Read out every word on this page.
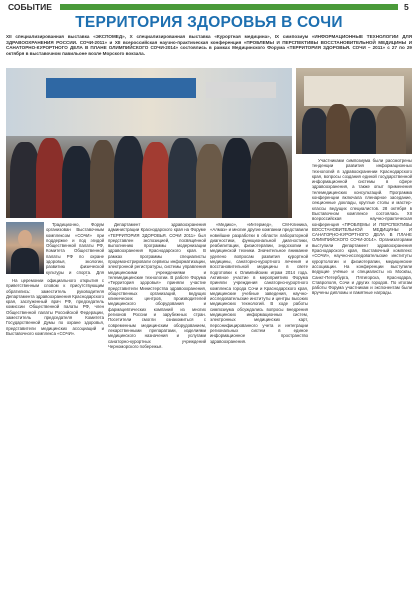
СОБЫТИЕ	5
ТЕРРИТОРИЯ ЗДОРОВЬЯ В СОЧИ
XII специализированная выставка «ЭКСПОМЕД», X специализированная выставка «Курортная медицина», IX симпозиум «ИНФОРМАЦИОННЫЕ ТЕХНОЛОГИИ ДЛЯ ЗДРАВООХРАНЕНИЯ РОССИИ. СОЧИ-2011» и XII всероссийская научно-практическая конференция «ПРОБЛЕМЫ И ПЕРСПЕКТИВЫ ВОССТАНОВИТЕЛЬНОЙ МЕДИЦИНЫ И САНАТОРНО-КУРОРТНОГО ДЕЛА В ПЛАНЕ ОЛИМПИЙСКОГО СОЧИ-2014» состоялись в рамках Медицинского Форума «ТЕРРИТОРИЯ ЗДОРОВЬЯ. СОЧИ – 2011» с 27 по 29 октября в выставочном павильоне возле Морского вокзала.

Традиционно, Форум организован Выставочным комплексом «СОЧИ» при поддержке и под эгидой Общественной палаты РФ, Комитета Общественной палаты РФ по охране здоровья, экологии, развитию физической культуры и спорта. Для

На церемонии официального открытия с приветственным словом к присутствующим обратились: заместитель руководителя Департамента здравоохранения Краснодарского края, заслуженный врач РФ, председатель комиссии Общественной палаты РФ, член Общественной палаты Российской Федерации, заместитель председателя Комитета Государственной Думы по охране здоровья, представители медицинских ассоциаций и Выставочного комплекса «СОЧИ».

Департамент здравоохранения администрации Краснодарского края на Форуме «ТЕРРИТОРИЯ ЗДОРОВЬЯ. СОЧИ 2011» был представлен экспозицией, посвящённой выполнению программы модернизации здравоохранения Краснодарского края. В рамках программы специалисты продемонстрировали сервисы информатизации, электронной регистратуры, системы управления медицинскими учреждениями и телемедицинские технологии. В работе Форума «Территория здоровья» приняли участие представители Министерства здравоохранения, общественных организаций, ведущих клинических центров, производителей медицинского оборудования и фармацевтических компаний из многих регионов России и зарубежных стран. Посетители смогли ознакомиться с современным медицинским оборудованием, лекарственными препаратами, изделиями медицинского назначения и услугами санаторно-курортных учреждений Черноморского побережья.

«Медико», «Интермед», СМ-Клиника, «Алмаз» и многие другие компании представили новейшие разработки в области лабораторной диагностики, функциональной диагностики, реабилитации, физиотерапии, эндоскопии и медицинской техники. Значительное внимание уделено вопросам развития курортной медицины, санаторно-курортного лечения и восстановительной медицины в свете подготовки к Олимпийским играм 2014 года. Активное участие в мероприятиях Форума приняли учреждения санаторно-курортного комплекса города Сочи и Краснодарского края, медицинские учебные заведения, научно-исследовательские институты и центры высоких медицинских технологий. В ходе работы симпозиума обсуждались вопросы внедрения медицинских информационных систем, электронных медицинских карт, персонифицированного учета и интеграции региональных систем в единое информационное пространство здравоохранения.

Участниками симпозиума были рассмотрены тенденции развития информационных технологий в здравоохранении Краснодарского края, вопросы создания единой государственной информационной системы в сфере здравоохранения, а также опыт применения телемедицинских консультаций. Программа конференции включала пленарное заседание, секционные доклады, круглые столы и мастер-классы ведущих специалистов. 28 октября в Выставочном комплексе состоялась XII всероссийская научно-практическая конференция «ПРОБЛЕМЫ И ПЕРСПЕКТИВЫ ВОССТАНОВИТЕЛЬНОЙ МЕДИЦИНЫ И САНАТОРНО-КУРОРТНОГО ДЕЛА В ПЛАНЕ ОЛИМПИЙСКОГО СОЧИ-2014». Организаторами выступили Департамент здравоохранения Краснодарского края, Выставочный комплекс «СОЧИ», научно-исследовательские институты курортологии и физиотерапии, медицинские ассоциации. На конференции выступили ведущие учёные и специалисты из Москвы, Санкт-Петербурга, Пятигорска, Краснодара, Ставрополя, Сочи и других городов. По итогам работы Форума участникам и экспонентам были вручены дипломы и памятные награды.
